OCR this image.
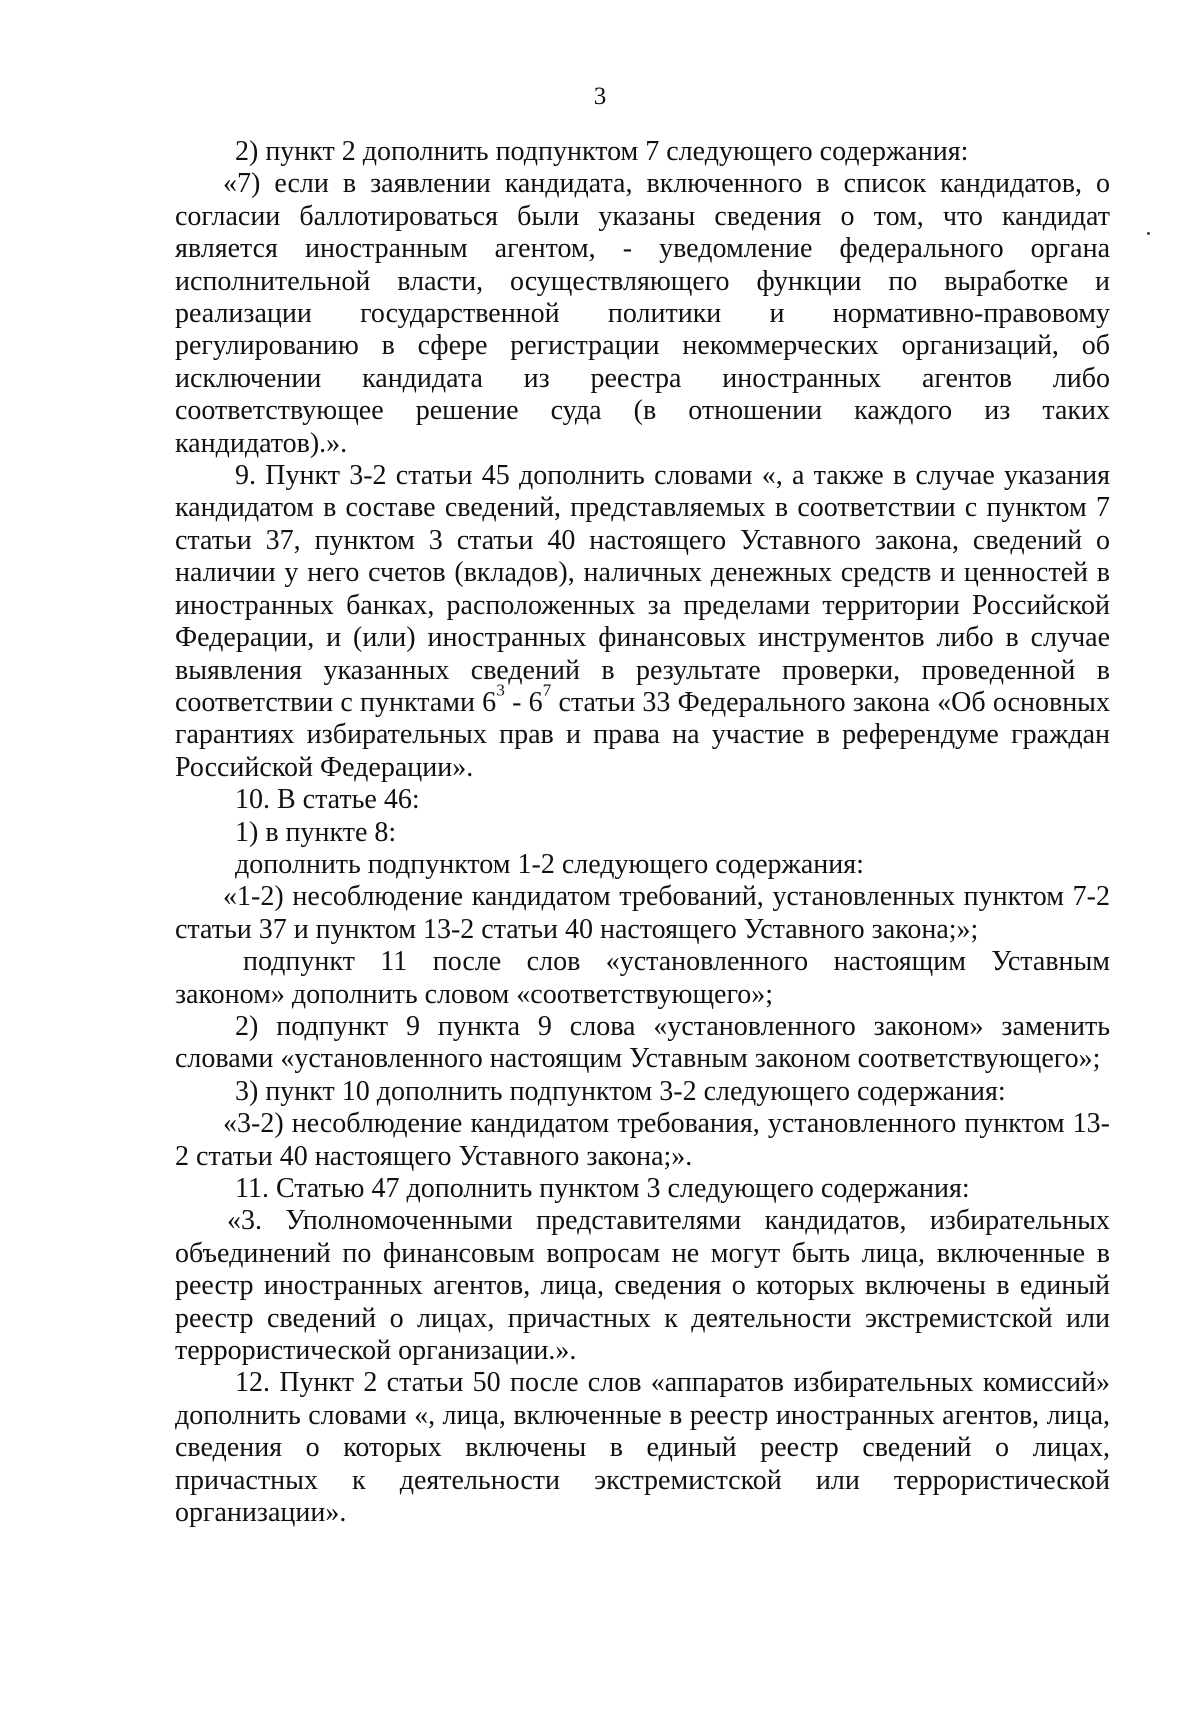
3

2) пункт 2 дополнить подпунктом 7 следующего содержания:

«7) если в заявлении кандидата, включенного в список кандидатов, о согласии баллотироваться были указаны сведения о том, что кандидат является иностранным агентом, - уведомление федерального органа исполнительной власти, осуществляющего функции по выработке и реализации государственной политики и нормативно-правовому регулированию в сфере регистрации некоммерческих организаций, об исключении кандидата из реестра иностранных агентов либо соответствующее решение суда (в отношении каждого из таких кандидатов).».

9. Пункт 3-2 статьи 45 дополнить словами «, а также в случае указания кандидатом в составе сведений, представляемых в соответствии с пунктом 7 статьи 37, пунктом 3 статьи 40 настоящего Уставного закона, сведений о наличии у него счетов (вкладов), наличных денежных средств и ценностей в иностранных банках, расположенных за пределами территории Российской Федерации, и (или) иностранных финансовых инструментов либо в случае выявления указанных сведений в результате проверки, проведенной в соответствии с пунктами $6^3 - 6^7$ статьи 33 Федерального закона «Об основных гарантиях избирательных прав и права на участие в референдуме граждан Российской Федерации».

10. В статье 46:

1) в пункте 8:

дополнить подпунктом 1-2 следующего содержания:

«1-2) несоблюдение кандидатом требований, установленных пунктом 7-2 статьи 37 и пунктом 13-2 статьи 40 настоящего Уставного закона;»;

подпункт 11 после слов «установленного настоящим Уставным законом» дополнить словом «соответствующего»;

2) подпункт 9 пункта 9 слова «установленного законом» заменить словами «установленного настоящим Уставным законом соответствующего»;

3) пункт 10 дополнить подпунктом 3-2 следующего содержания:

«3-2) несоблюдение кандидатом требования, установленного пунктом 13-2 статьи 40 настоящего Уставного закона;».

11. Статью 47 дополнить пунктом 3 следующего содержания:

«3. Уполномоченными представителями кандидатов, избирательных объединений по финансовым вопросам не могут быть лица, включенные в реестр иностранных агентов, лица, сведения о которых включены в единый реестр сведений о лицах, причастных к деятельности экстремистской или террористической организации.».

12. Пункт 2 статьи 50 после слов «аппаратов избирательных комиссий» дополнить словами «, лица, включенные в реестр иностранных агентов, лица, сведения о которых включены в единый реестр сведений о лицах, причастных к деятельности экстремистской или террористической организации».
